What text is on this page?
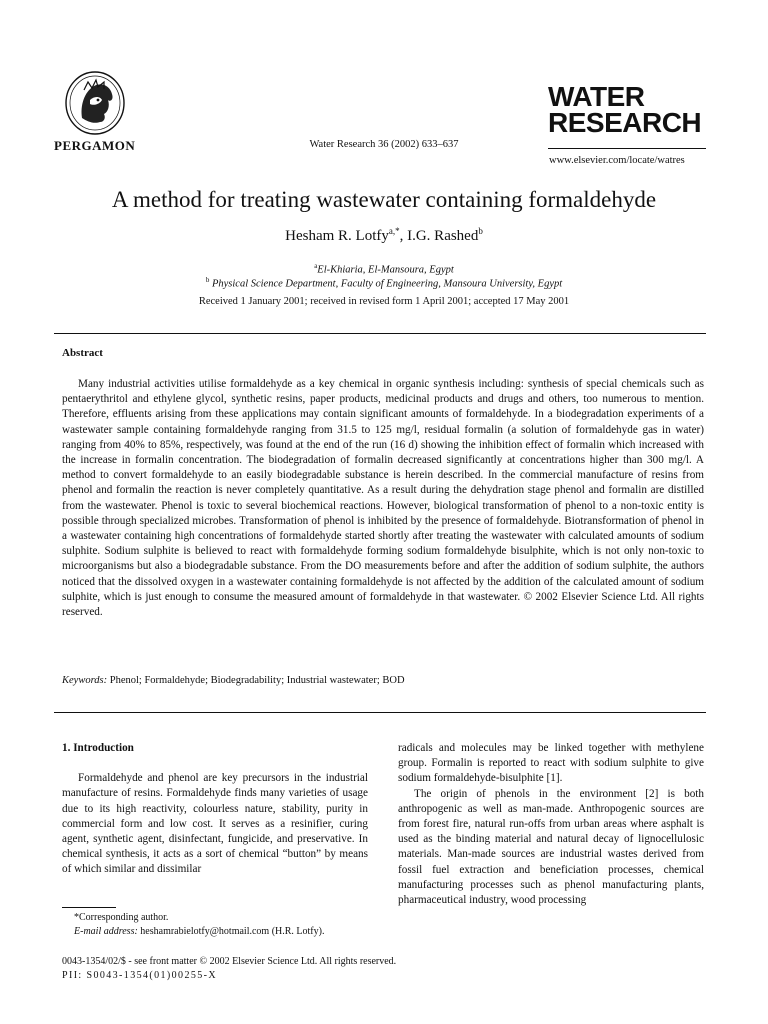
PERGAMON	Water Research 36 (2002) 633–637
WATER
RESEARCH
www.elsevier.com/locate/watres
A method for treating wastewater containing formaldehyde
Hesham R. Lotfy$^{a,*}$, I.G. Rashed$^b$
$^a$El-Khiaria, El-Mansoura, Egypt
$^b$ Physical Science Department, Faculty of Engineering, Mansoura University, Egypt
Received 1 January 2001; received in revised form 1 April 2001; accepted 17 May 2001
Abstract
Many industrial activities utilise formaldehyde as a key chemical in organic synthesis including: synthesis of special chemicals such as pentaerythritol and ethylene glycol, synthetic resins, paper products, medicinal products and drugs and others, too numerous to mention. Therefore, effluents arising from these applications may contain significant amounts of formaldehyde. In a biodegradation experiments of a wastewater sample containing formaldehyde ranging from 31.5 to 125 mg/l, residual formalin (a solution of formaldehyde gas in water) ranging from 40% to 85%, respectively, was found at the end of the run (16 d) showing the inhibition effect of formalin which increased with the increase in formalin concentration. The biodegradation of formalin decreased significantly at concentrations higher than 300 mg/l. A method to convert formaldehyde to an easily biodegradable substance is herein described. In the commercial manufacture of resins from phenol and formalin the reaction is never completely quantitative. As a result during the dehydration stage phenol and formalin are distilled from the wastewater. Phenol is toxic to several biochemical reactions. However, biological transformation of phenol to a non-toxic entity is possible through specialized microbes. Transformation of phenol is inhibited by the presence of formaldehyde. Biotransformation of phenol in a wastewater containing high concentrations of formaldehyde started shortly after treating the wastewater with calculated amounts of sodium sulphite. Sodium sulphite is believed to react with formaldehyde forming sodium formaldehyde bisulphite, which is not only non-toxic to microorganisms but also a biodegradable substance. From the DO measurements before and after the addition of sodium sulphite, the authors noticed that the dissolved oxygen in a wastewater containing formaldehyde is not affected by the addition of the calculated amount of sodium sulphite, which is just enough to consume the measured amount of formaldehyde in that wastewater. © 2002 Elsevier Science Ltd. All rights reserved.
Keywords: Phenol; Formaldehyde; Biodegradability; Industrial wastewater; BOD
1. Introduction

Formaldehyde and phenol are key precursors in the industrial manufacture of resins. Formaldehyde finds many varieties of usage due to its high reactivity, colourless nature, stability, purity in commercial form and low cost. It serves as a resinifier, curing agent, synthetic agent, disinfectant, fungicide, and preservative. In chemical synthesis, it acts as a sort of chemical “button” by means of which similar and dissimilar

radicals and molecules may be linked together with methylene group. Formalin is reported to react with sodium sulphite to give sodium formaldehyde-bisulphite [1].

The origin of phenols in the environment [2] is both anthropogenic as well as man-made. Anthropogenic sources are from forest fire, natural run-offs from urban areas where asphalt is used as the binding material and natural decay of lignocellulosic materials. Man-made sources are industrial wastes derived from fossil fuel extraction and beneficiation processes, chemical manufacturing processes such as phenol manufacturing plants, pharmaceutical industry, wood processing

*Corresponding author.
E-mail address: heshamrabielotfy@hotmail.com (H.R. Lotfy).
0043-1354/02/$ - see front matter © 2002 Elsevier Science Ltd. All rights reserved.
PII: S0043-1354(01)00255-X
